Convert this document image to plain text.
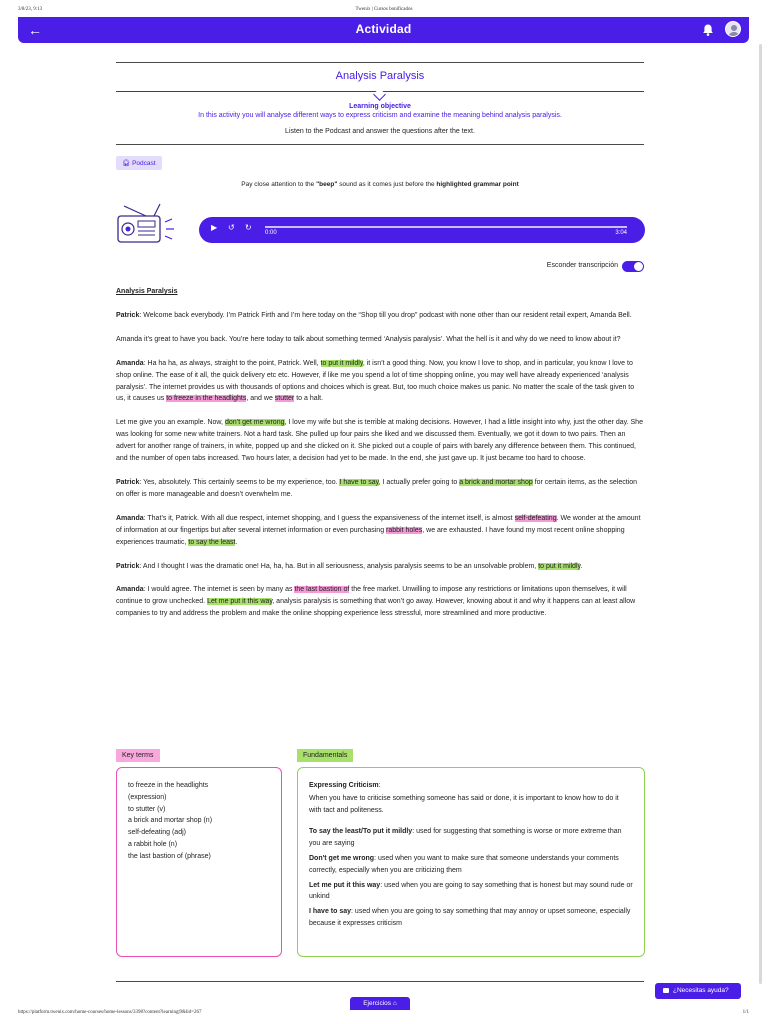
3/8/23, 9:13	Twenix | Cursos bonificados
←	Actividad
Analysis Paralysis
Learning objective
In this activity you will analyse different ways to express criticism and examine the meaning behind analysis paralysis.
Listen to the Podcast and answer the questions after the text.
🎧︎ Podcast
Pay close attention to the "beep" sound as it comes just before the highlighted grammar point
▶ ↺ ↻
0:00	3:04
Esconder transcripción

Analysis Paralysis

Patrick: Welcome back everybody. I’m Patrick Firth and I’m here today on the “Shop till you drop” podcast with none other than our resident retail expert, Amanda Bell.

Amanda it’s great to have you back. You’re here today to talk about something termed ‘Analysis paralysis’. What the hell is it and why do we need to know about it?

Amanda: Ha ha ha, as always, straight to the point, Patrick. Well, to put it mildly, it isn’t a good thing. Now, you know I love to shop, and in particular, you know I love to shop online. The ease of it all, the quick delivery etc etc. However, if like me you spend a lot of time shopping online, you may well have already experienced ‘analysis paralysis’. The internet provides us with thousands of options and choices which is great. But, too much choice makes us panic. No matter the scale of the task given to us, it causes us to freeze in the headlights, and we stutter to a halt.

Let me give you an example. Now, don’t get me wrong, I love my wife but she is terrible at making decisions. However, I had a little insight into why, just the other day. She was looking for some new white trainers. Not a hard task. She pulled up four pairs she liked and we discussed them. Eventually, we got it down to two pairs. Then an advert for another range of trainers, in white, popped up and she clicked on it. She picked out a couple of pairs with barely any difference between them. This continued, and the number of open tabs increased. Two hours later, a decision had yet to be made. In the end, she just gave up. It just became too hard to choose.

Patrick: Yes, absolutely. This certainly seems to be my experience, too. I have to say, I actually prefer going to a brick and mortar shop for certain items, as the selection on offer is more manageable and doesn’t overwhelm me.

Amanda: That’s it, Patrick. With all due respect, internet shopping, and I guess the expansiveness of the internet itself, is almost self-defeating. We wonder at the amount of information at our fingertips but after several internet information or even purchasing rabbit holes, we are exhausted. I have found my most recent online shopping experiences traumatic, to say the least.

Patrick: And I thought I was the dramatic one! Ha, ha, ha. But in all seriousness, analysis paralysis seems to be an unsolvable problem, to put it mildly.

Amanda: I would agree. The internet is seen by many as the last bastion of the free market. Unwilling to impose any restrictions or limitations upon themselves, it will continue to grow unchecked. Let me put it this way, analysis paralysis is something that won’t go away. However, knowing about it and why it happens can at least allow companies to try and address the problem and make the online shopping experience less stressful, more streamlined and more productive.

Key terms
to freeze in the headlights
(expression)
to stutter (v)
a brick and mortar shop (n)
self-defeating (adj)
a rabbit hole (n)
the last bastion of (phrase)
Fundamentals
Expressing Criticism:
When you have to criticise something someone has said or done, it is important to know how to do it with tact and politeness.
To say the least/To put it mildly: used for suggesting that something is worse or more extreme than you are saying
Don't get me wrong: used when you want to make sure that someone understands your comments correctly, especially when you are criticizing them
Let me put it this way: used when you are going to say something that is honest but may sound rude or unkind
I have to say: used when you are going to say something that may annoy or upset someone, especially because it expresses criticism
¿Necesitas ayuda?
Ejercicios ⌂
https://platform.twenix.com/home-courses/home-lessons/3398?content?learning|9&lid=267	1/1
